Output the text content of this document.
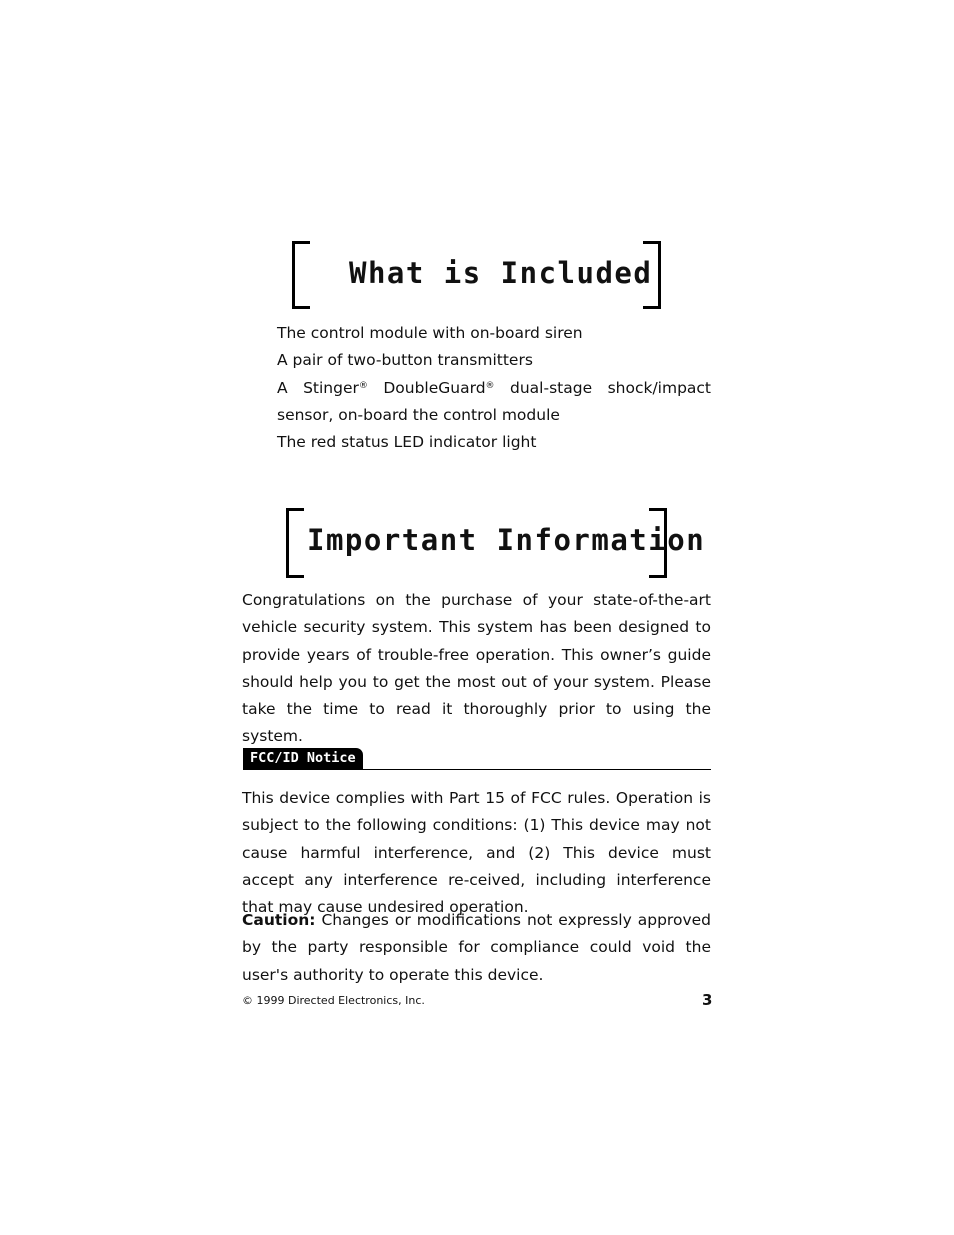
What is Included
The control module with on-board siren
A pair of two-button transmitters
A Stinger® DoubleGuard® dual-stage shock/impact sensor, on-board the control module
The red status LED indicator light
Important Information

Congratulations on the purchase of your state-of-the-art vehicle security system. This system has been designed to provide years of trouble-free operation. This owner’s guide should help you to get the most out of your system. Please take the time to read it thoroughly prior to using the system.

FCC/ID Notice

This device complies with Part 15 of FCC rules. Operation is subject to the following conditions: (1) This device may not cause harmful interference, and (2) This device must accept any interference re-ceived, including interference that may cause undesired operation.

Caution: Changes or modifications not expressly approved by the party responsible for compliance could void the user's authority to operate this device.

© 1999 Directed Electronics, Inc.	3
